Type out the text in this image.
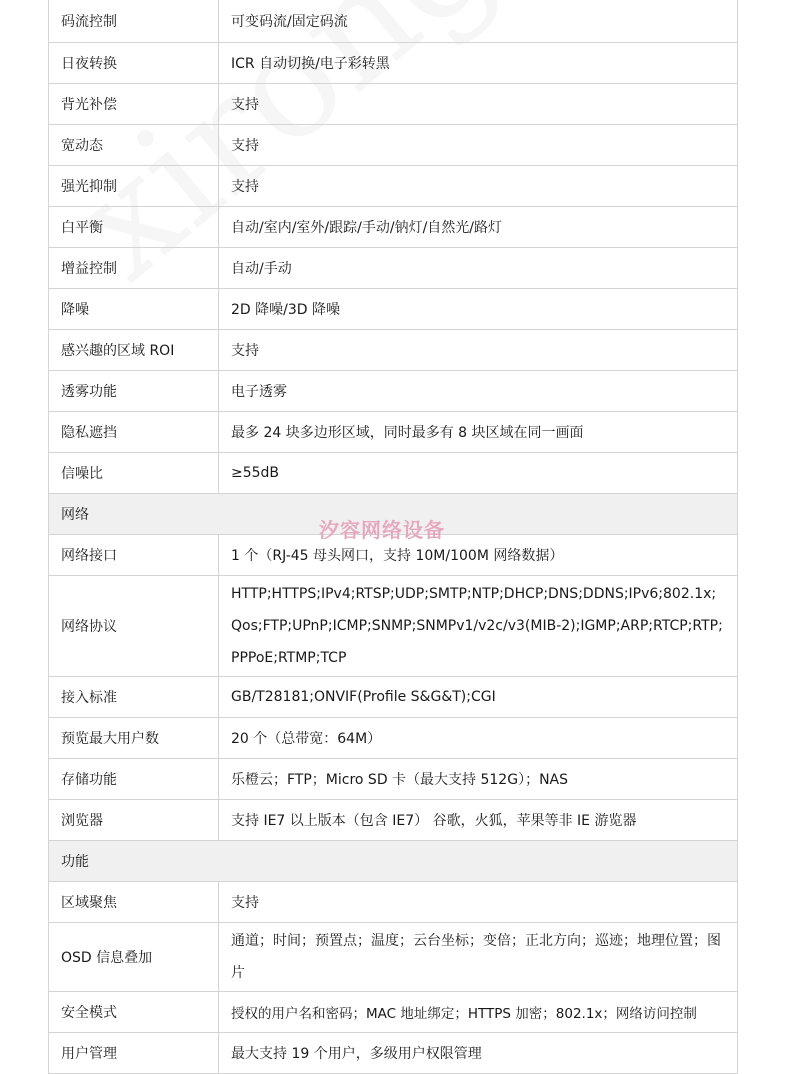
码流控制	可变码流/固定码流
日夜转换	ICR 自动切换/电子彩转黑
背光补偿	支持
宽动态	支持
强光抑制	支持
白平衡	自动/室内/室外/跟踪/手动/钠灯/自然光/路灯
增益控制	自动/手动
降噪	2D 降噪/3D 降噪
感兴趣的区域 ROI	支持
透雾功能	电子透雾
隐私遮挡	最多 24 块多边形区域，同时最多有 8 块区域在同一画面
信噪比	≥55dB
网络	
网络接口	1 个（RJ-45 母头网口，支持 10M/100M 网络数据）
网络协议	HTTP;HTTPS;IPv4;RTSP;UDP;SMTP;NTP;DHCP;DNS;DDNS;IPv6;802.1x; Qos;FTP;UPnP;ICMP;SNMP;SNMPv1/v2c/v3(MIB-2);IGMP;ARP;RTCP;RTP;PPPoE;RTMP;TCP
接入标准	GB/T28181;ONVIF(Profile S&G&T);CGI
预览最大用户数	20 个（总带宽：64M）
存储功能	乐橙云；FTP；Micro SD 卡（最大支持 512G）；NAS
浏览器	支持 IE7 以上版本（包含 IE7） 谷歌，火狐，苹果等非 IE 游览器
功能	
区域聚焦	支持
OSD 信息叠加	通道；时间；预置点；温度；云台坐标；变倍；正北方向；巡迹；地理位置；图片
安全模式	授权的用户名和密码；MAC 地址绑定；HTTPS 加密；802.1x；网络访问控制
用户管理	最大支持 19 个用户，多级用户权限管理
汐容网络设备
